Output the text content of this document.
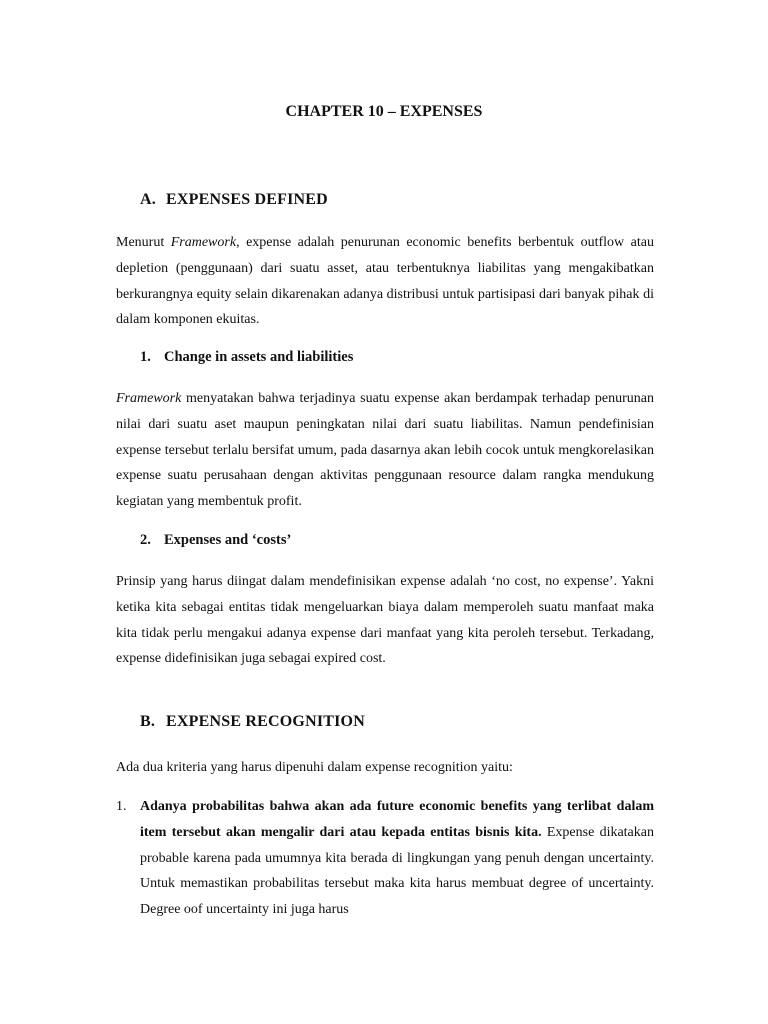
CHAPTER 10 – EXPENSES
A. EXPENSES DEFINED

Menurut Framework, expense adalah penurunan economic benefits berbentuk outflow atau depletion (penggunaan) dari suatu asset, atau terbentuknya liabilitas yang mengakibatkan berkurangnya equity selain dikarenakan adanya distribusi untuk partisipasi dari banyak pihak di dalam komponen ekuitas.

1. Change in assets and liabilities

Framework menyatakan bahwa terjadinya suatu expense akan berdampak terhadap penurunan nilai dari suatu aset maupun peningkatan nilai dari suatu liabilitas. Namun pendefinisian expense tersebut terlalu bersifat umum, pada dasarnya akan lebih cocok untuk mengkorelasikan expense suatu perusahaan dengan aktivitas penggunaan resource dalam rangka mendukung kegiatan yang membentuk profit.

2. Expenses and ‘costs’

Prinsip yang harus diingat dalam mendefinisikan expense adalah ‘no cost, no expense’. Yakni ketika kita sebagai entitas tidak mengeluarkan biaya dalam memperoleh suatu manfaat maka kita tidak perlu mengakui adanya expense dari manfaat yang kita peroleh tersebut. Terkadang, expense didefinisikan juga sebagai expired cost.

B. EXPENSE RECOGNITION

Ada dua kriteria yang harus dipenuhi dalam expense recognition yaitu:

1. Adanya probabilitas bahwa akan ada future economic benefits yang terlibat dalam item tersebut akan mengalir dari atau kepada entitas bisnis kita. Expense dikatakan probable karena pada umumnya kita berada di lingkungan yang penuh dengan uncertainty. Untuk memastikan probabilitas tersebut maka kita harus membuat degree of uncertainty. Degree oof uncertainty ini juga harus
